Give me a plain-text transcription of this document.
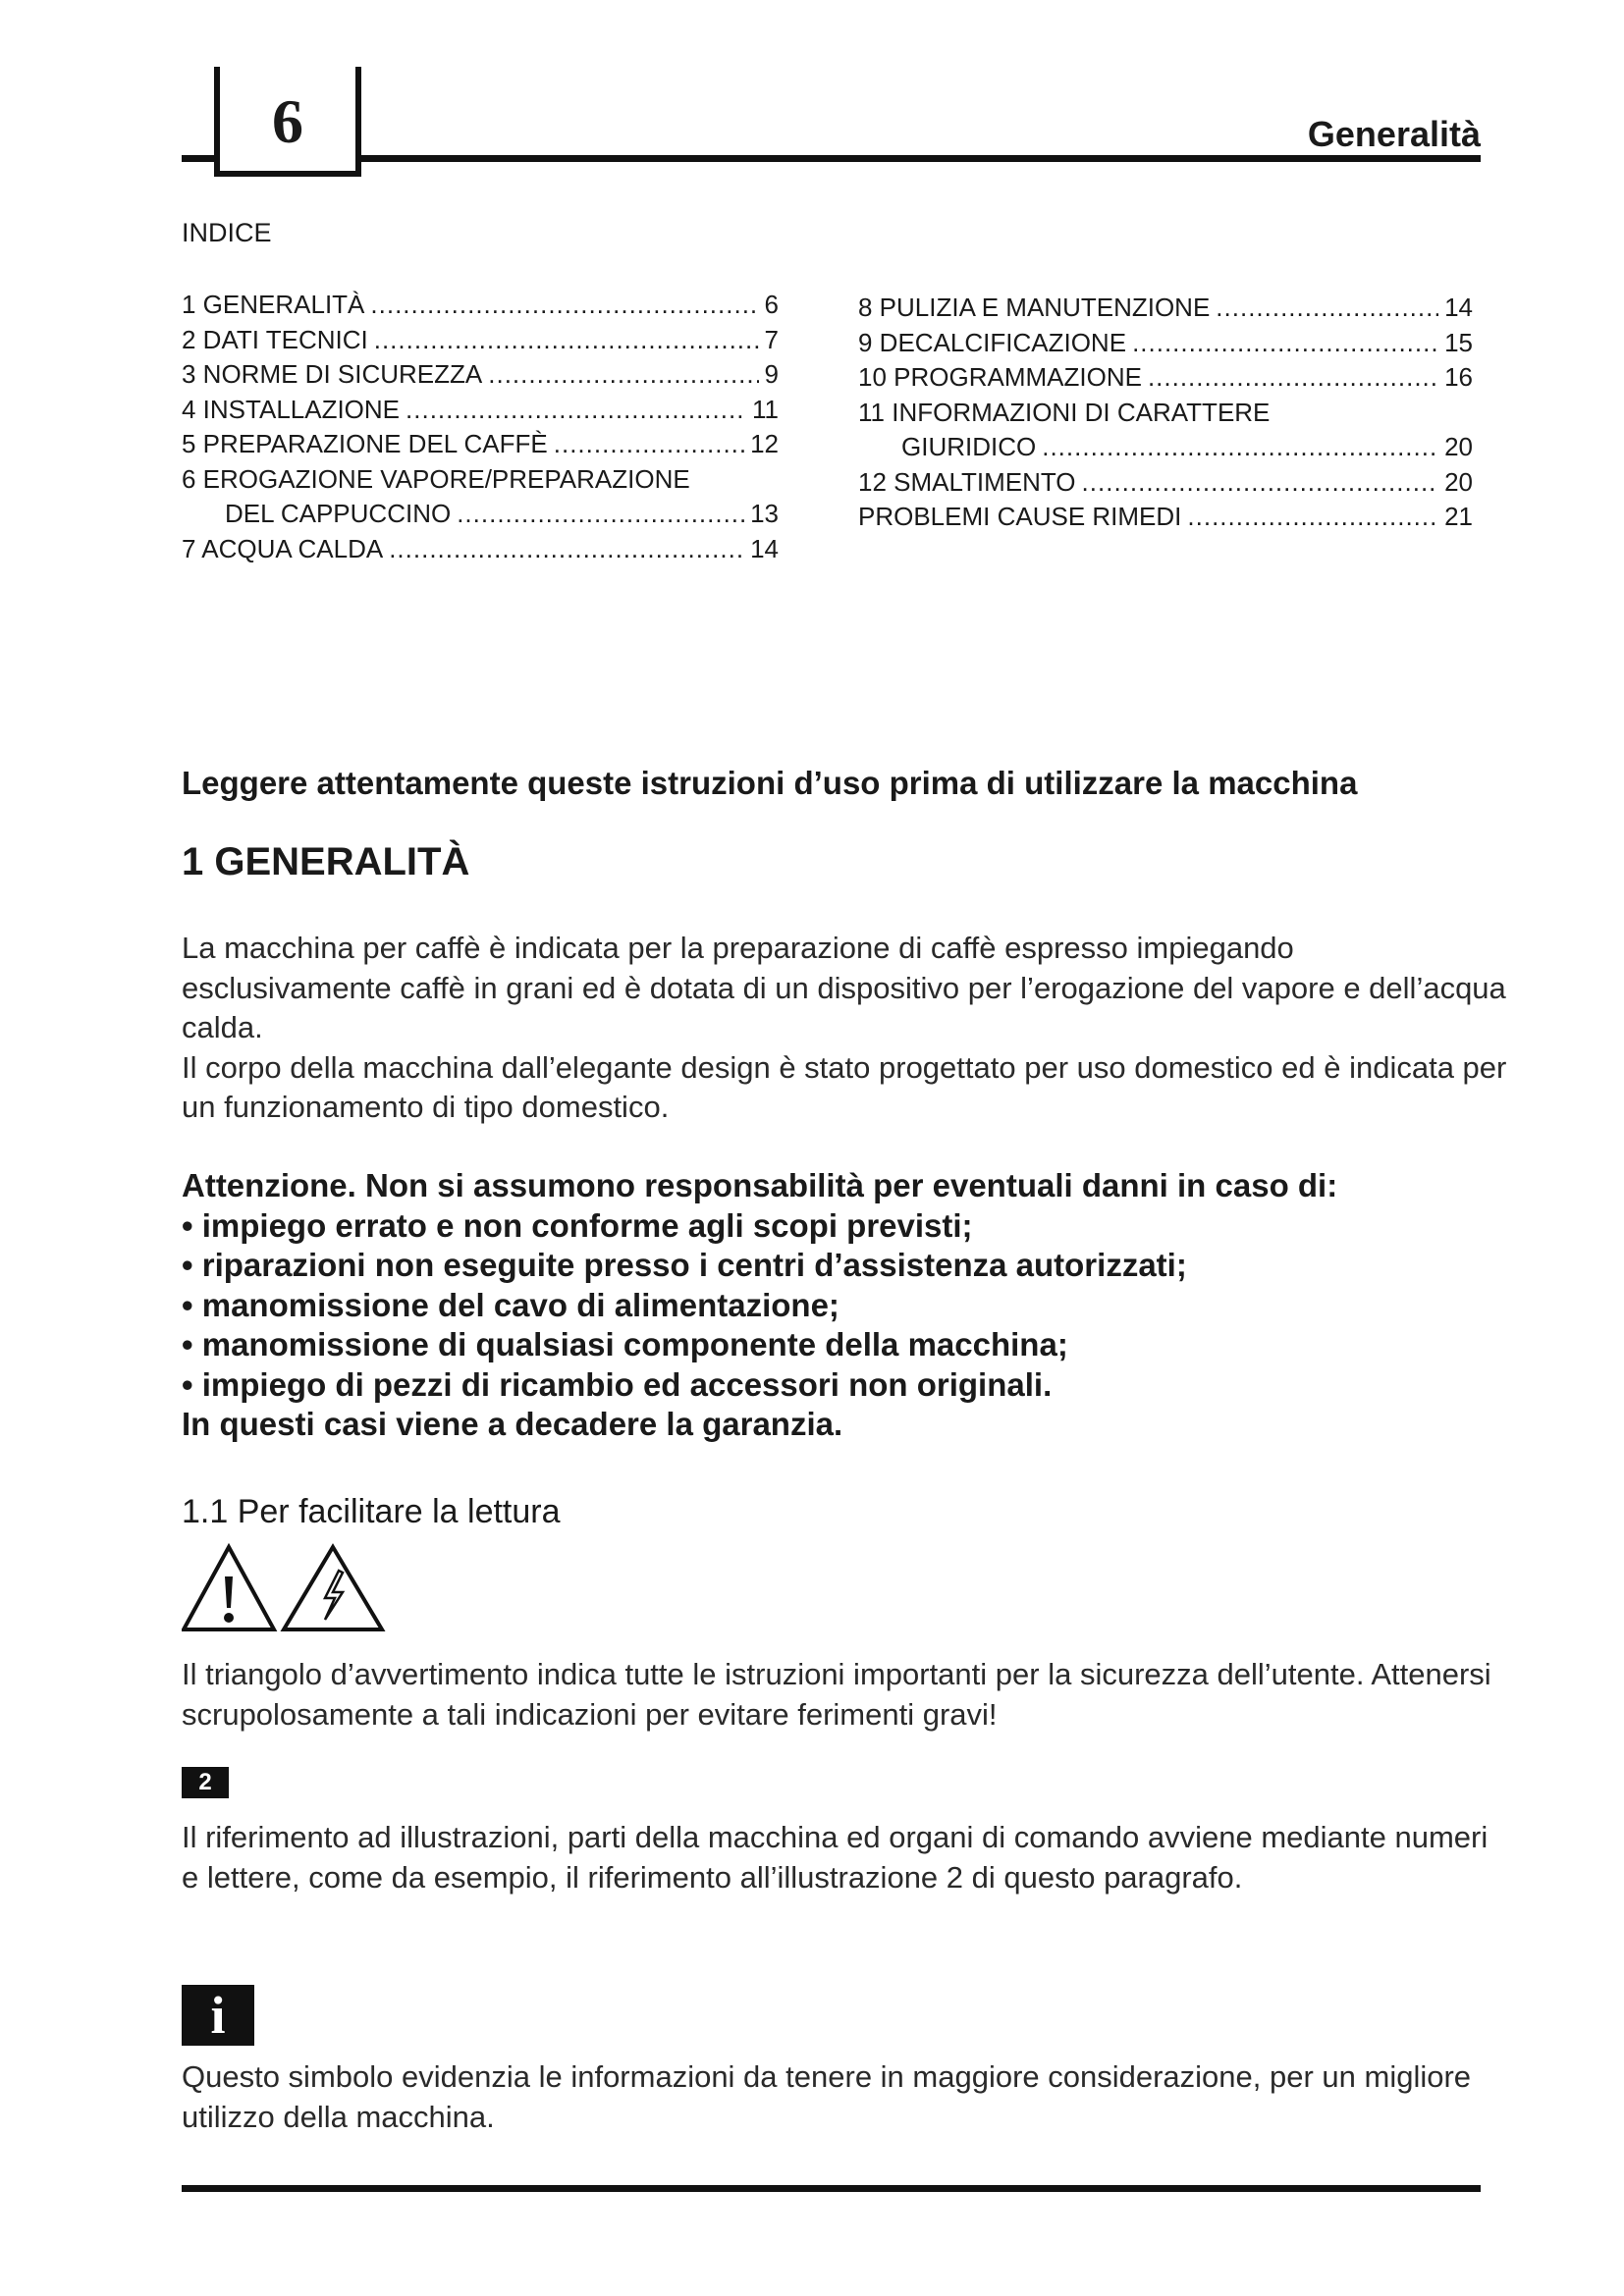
6	Generalità
INDICE
1 GENERALITÀ .....	6
2 DATI TECNICI .....	7
3 NORME DI SICUREZZA .....	9
4 INSTALLAZIONE .....	11
5 PREPARAZIONE DEL CAFFÈ .....	12
6 EROGAZIONE VAPORE/PREPARAZIONE
DEL CAPPUCCINO .....	13
7 ACQUA CALDA .....	14
8 PULIZIA E MANUTENZIONE .....	14
9 DECALCIFICAZIONE .....	15
10 PROGRAMMAZIONE .....	16
11 INFORMAZIONI DI CARATTERE
GIURIDICO .....	20
12 SMALTIMENTO .....	20
PROBLEMI CAUSE RIMEDI .....	21
Leggere attentamente queste istruzioni d’uso prima di utilizzare la macchina
1 GENERALITÀ
La macchina per caffè è indicata per la preparazione di caffè espresso impiegando esclusivamente caffè in grani ed è dotata di un dispositivo per l’erogazione del vapore e dell’acqua calda.
Il corpo della macchina dall’elegante design è stato progettato per uso domestico ed è indicata per un funzionamento di tipo domestico.
Attenzione. Non si assumono responsabilità per eventuali danni in caso di:
• impiego errato e non conforme agli scopi previsti;
• riparazioni non eseguite presso i centri d’assistenza autorizzati;
• manomissione del cavo di alimentazione;
• manomissione di qualsiasi componente della macchina;
• impiego di pezzi di ricambio ed accessori non originali.
In questi casi viene a decadere la garanzia.
1.1 Per facilitare la lettura
Il triangolo d’avvertimento indica tutte le istruzioni importanti per la sicurezza dell’utente. Attenersi scrupolosamente a tali indicazioni per evitare ferimenti gravi!
2
Il riferimento ad illustrazioni, parti della macchina ed organi di comando avviene mediante numeri e lettere, come da esempio, il riferimento all’illustrazione 2 di questo paragrafo.
i
Questo simbolo evidenzia le informazioni da tenere in maggiore considerazione, per un migliore utilizzo della macchina.
